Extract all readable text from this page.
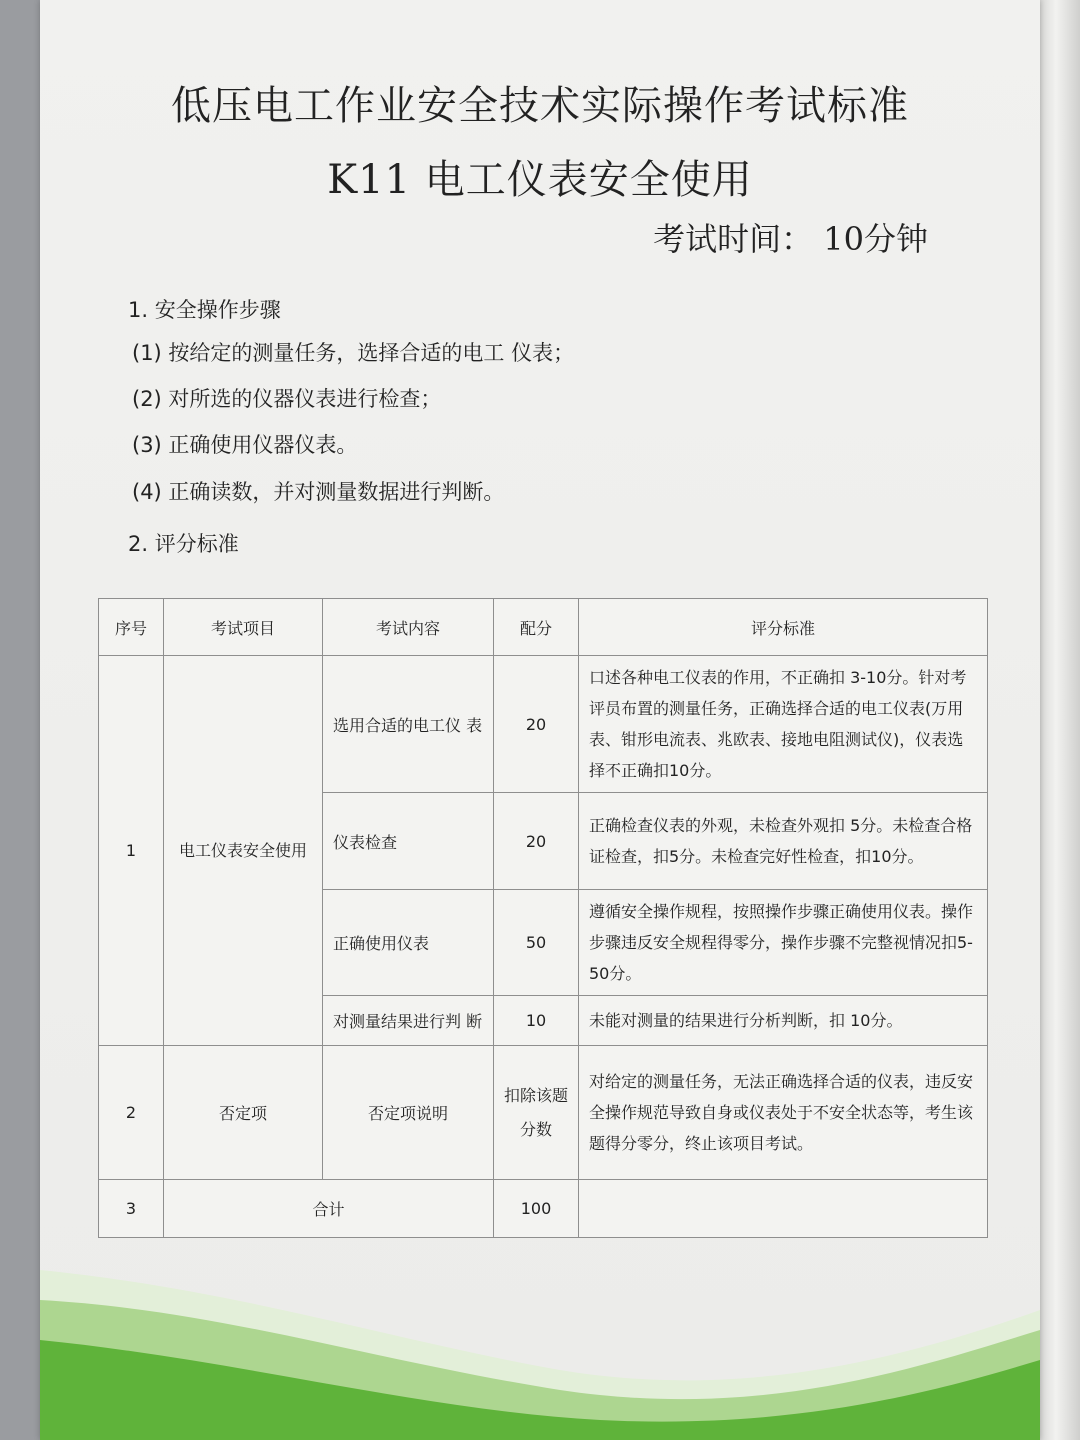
低压电工作业安全技术实际操作考试标准
K11 电工仪表安全使用
考试时间： 10分钟
1. 安全操作步骤
(1) 按给定的测量任务，选择合适的电工 仪表；
(2) 对所选的仪器仪表进行检查；
(3) 正确使用仪器仪表。
(4) 正确读数，并对测量数据进行判断。
2. 评分标准
序号	考试项目	考试内容	配分	评分标准
1	电工仪表安全使用	选用合适的电工仪 表	20	口述各种电工仪表的作用，不正确扣 3-10分。针对考评员布置的测量任务，正确选择合适的电工仪表(万用表、钳形电流表、兆欧表、接地电阻测试仪)，仪表选择不正确扣10分。
		仪表检查	20	正确检查仪表的外观，未检查外观扣 5分。未检查合格证检查，扣5分。未检查完好性检查，扣10分。
		正确使用仪表	50	遵循安全操作规程，按照操作步骤正确使用仪表。操作步骤违反安全规程得零分，操作步骤不完整视情况扣5-50分。
		对测量结果进行判 断	10	未能对测量的结果进行分析判断，扣 10分。
2	否定项	否定项说明	扣除该题分数	对给定的测量任务，无法正确选择合适的仪表，违反安全操作规范导致自身或仪表处于不安全状态等，考生该题得分零分，终止该项目考试。
3	合计		100	
